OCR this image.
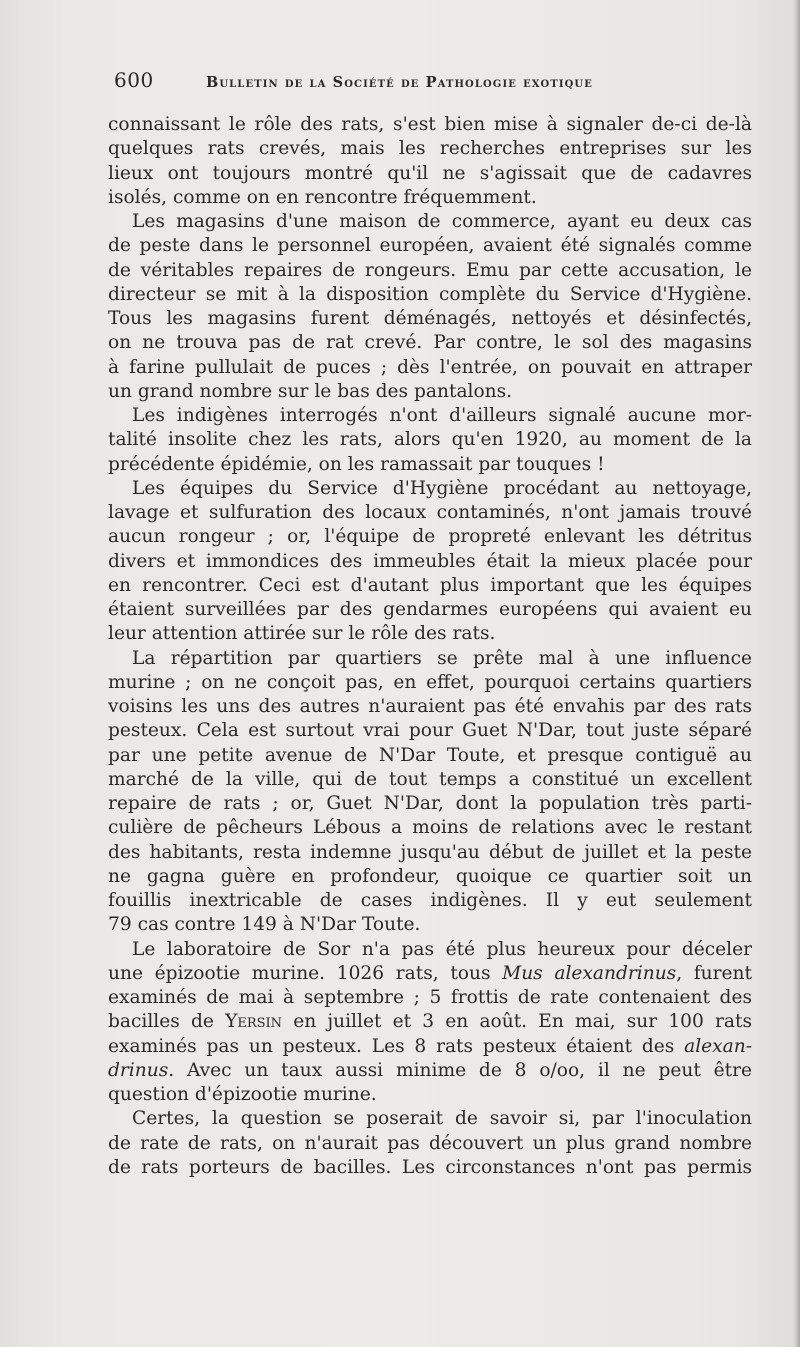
600	Bulletin de la Société de Pathologie exotique
connaissant le rôle des rats, s'est bien mise à signaler de-ci de-là
quelques rats crevés, mais les recherches entreprises sur les
lieux ont toujours montré qu'il ne s'agissait que de cadavres
isolés, comme on en rencontre fréquemment.
Les magasins d'une maison de commerce, ayant eu deux cas
de peste dans le personnel européen, avaient été signalés comme
de véritables repaires de rongeurs. Emu par cette accusation, le
directeur se mit à la disposition complète du Service d'Hygiène.
Tous les magasins furent déménagés, nettoyés et désinfectés,
on ne trouva pas de rat crevé. Par contre, le sol des magasins
à farine pullulait de puces ; dès l'entrée, on pouvait en attraper
un grand nombre sur le bas des pantalons.
Les indigènes interrogés n'ont d'ailleurs signalé aucune mor-
talité insolite chez les rats, alors qu'en 1920, au moment de la
précédente épidémie, on les ramassait par touques !
Les équipes du Service d'Hygiène procédant au nettoyage,
lavage et sulfuration des locaux contaminés, n'ont jamais trouvé
aucun rongeur ; or, l'équipe de propreté enlevant les détritus
divers et immondices des immeubles était la mieux placée pour
en rencontrer. Ceci est d'autant plus important que les équipes
étaient surveillées par des gendarmes européens qui avaient eu
leur attention attirée sur le rôle des rats.
La répartition par quartiers se prête mal à une influence
murine ; on ne conçoit pas, en effet, pourquoi certains quartiers
voisins les uns des autres n'auraient pas été envahis par des rats
pesteux. Cela est surtout vrai pour Guet N'Dar, tout juste séparé
par une petite avenue de N'Dar Toute, et presque contiguë au
marché de la ville, qui de tout temps a constitué un excellent
repaire de rats ; or, Guet N'Dar, dont la population très parti-
culière de pêcheurs Lébous a moins de relations avec le restant
des habitants, resta indemne jusqu'au début de juillet et la peste
ne gagna guère en profondeur, quoique ce quartier soit un
fouillis inextricable de cases indigènes. Il y eut seulement
79 cas contre 149 à N'Dar Toute.
Le laboratoire de Sor n'a pas été plus heureux pour déceler
une épizootie murine. 1026 rats, tous Mus alexandrinus, furent
examinés de mai à septembre ; 5 frottis de rate contenaient des
bacilles de Yersin en juillet et 3 en août. En mai, sur 100 rats
examinés pas un pesteux. Les 8 rats pesteux étaient des alexan-
drinus. Avec un taux aussi minime de 8 o/oo, il ne peut être
question d'épizootie murine.
Certes, la question se poserait de savoir si, par l'inoculation
de rate de rats, on n'aurait pas découvert un plus grand nombre
de rats porteurs de bacilles. Les circonstances n'ont pas permis
